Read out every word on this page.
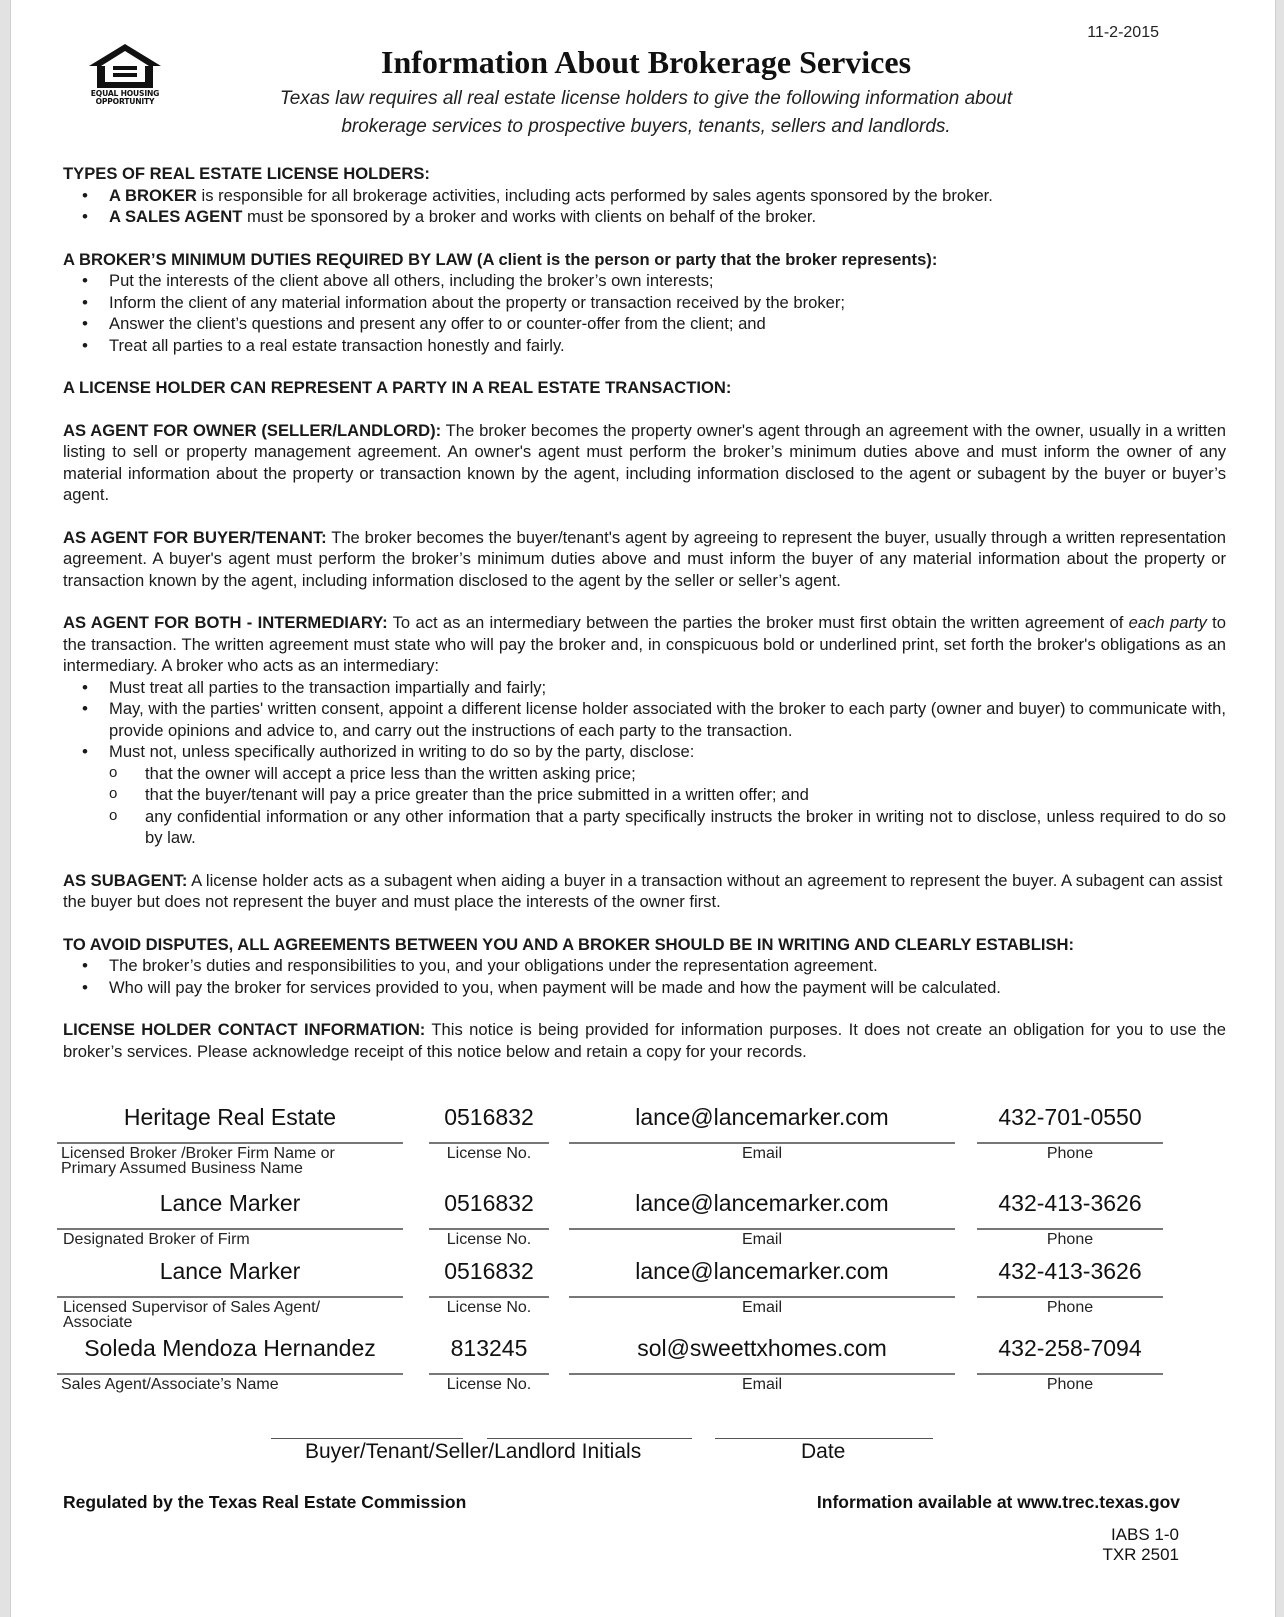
11-2-2015
EQUAL HOUSING
OPPORTUNITY
Information About Brokerage Services
Texas law requires all real estate license holders to give the following information about
brokerage services to prospective buyers, tenants, sellers and landlords.

TYPES OF REAL ESTATE LICENSE HOLDERS:

• A BROKER is responsible for all brokerage activities, including acts performed by sales agents sponsored by the broker.
• A SALES AGENT must be sponsored by a broker and works with clients on behalf of the broker.

A BROKER’S MINIMUM DUTIES REQUIRED BY LAW (A client is the person or party that the broker represents):

• Put the interests of the client above all others, including the broker’s own interests;
• Inform the client of any material information about the property or transaction received by the broker;
• Answer the client’s questions and present any offer to or counter-offer from the client; and
• Treat all parties to a real estate transaction honestly and fairly.

A LICENSE HOLDER CAN REPRESENT A PARTY IN A REAL ESTATE TRANSACTION:

AS AGENT FOR OWNER (SELLER/LANDLORD): The broker becomes the property owner's agent through an agreement with the owner, usually in a written listing to sell or property management agreement. An owner's agent must perform the broker’s minimum duties above and must inform the owner of any material information about the property or transaction known by the agent, including information disclosed to the agent or subagent by the buyer or buyer’s agent.

AS AGENT FOR BUYER/TENANT: The broker becomes the buyer/tenant's agent by agreeing to represent the buyer, usually through a written representation agreement. A buyer's agent must perform the broker’s minimum duties above and must inform the buyer of any material information about the property or transaction known by the agent, including information disclosed to the agent by the seller or seller’s agent.

AS AGENT FOR BOTH - INTERMEDIARY: To act as an intermediary between the parties the broker must first obtain the written agreement of each party to the transaction. The written agreement must state who will pay the broker and, in conspicuous bold or underlined print, set forth the broker's obligations as an intermediary. A broker who acts as an intermediary:

• Must treat all parties to the transaction impartially and fairly;
• May, with the parties' written consent, appoint a different license holder associated with the broker to each party (owner and buyer) to communicate with, provide opinions and advice to, and carry out the instructions of each party to the transaction.
• Must not, unless specifically authorized in writing to do so by the party, disclose:
o that the owner will accept a price less than the written asking price;
o that the buyer/tenant will pay a price greater than the price submitted in a written offer; and
o any confidential information or any other information that a party specifically instructs the broker in writing not to disclose, unless required to do so by law.

AS SUBAGENT: A license holder acts as a subagent when aiding a buyer in a transaction without an agreement to represent the buyer. A subagent can assist the buyer but does not represent the buyer and must place the interests of the owner first.

TO AVOID DISPUTES, ALL AGREEMENTS BETWEEN YOU AND A BROKER SHOULD BE IN WRITING AND CLEARLY ESTABLISH:

• The broker’s duties and responsibilities to you, and your obligations under the representation agreement.
• Who will pay the broker for services provided to you, when payment will be made and how the payment will be calculated.

LICENSE HOLDER CONTACT INFORMATION: This notice is being provided for information purposes. It does not create an obligation for you to use the broker’s services. Please acknowledge receipt of this notice below and retain a copy for your records.

Heritage Real Estate	0516832	lance@lancemarker.com	432-701-0550
Licensed Broker /Broker Firm Name or
Primary Assumed Business Name
License No.	Email	Phone
Lance Marker	0516832	lance@lancemarker.com	432-413-3626
Designated Broker of Firm	License No.	Email	Phone
Lance Marker	0516832	lance@lancemarker.com	432-413-3626
Licensed Supervisor of Sales Agent/
Associate
License No.	Email	Phone
Soleda Mendoza Hernandez	813245	sol@sweettxhomes.com	432-258-7094
Sales Agent/Associate’s Name	License No.	Email	Phone
Buyer/Tenant/Seller/Landlord Initials	Date
Regulated by the Texas Real Estate Commission	Information available at www.trec.texas.gov
IABS 1-0
TXR 2501
